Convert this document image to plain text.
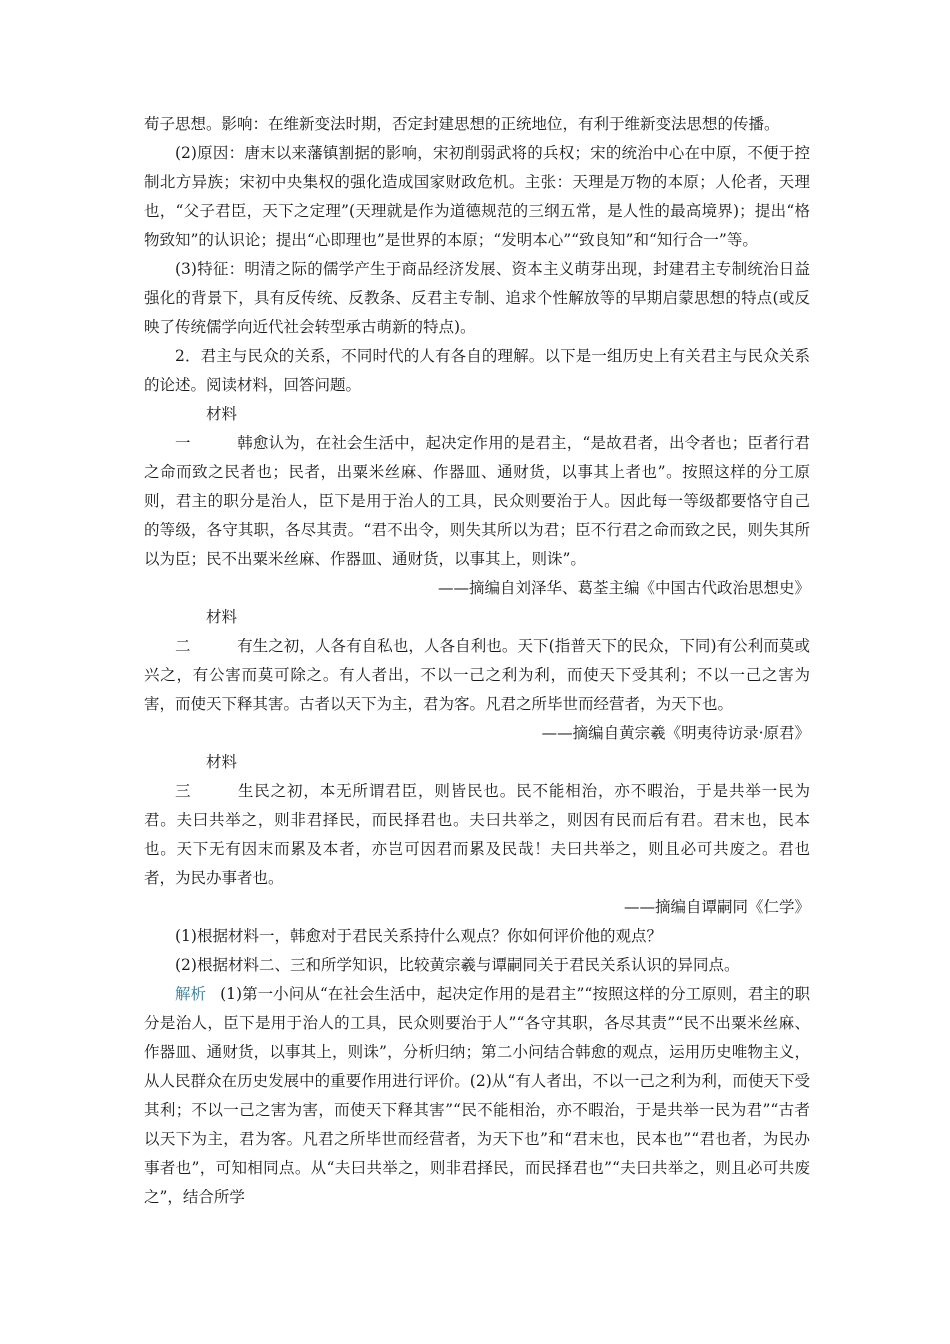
荀子思想。影响：在维新变法时期，否定封建思想的正统地位，有利于维新变法思想的传播。

(2)原因：唐末以来藩镇割据的影响，宋初削弱武将的兵权；宋的统治中心在中原，不便于控制北方异族；宋初中央集权的强化造成国家财政危机。主张：天理是万物的本原；人伦者，天理也，“父子君臣，天下之定理”(天理就是作为道德规范的三纲五常，是人性的最高境界)；提出“格物致知”的认识论；提出“心即理也”是世界的本原；“发明本心”“致良知”和“知行合一”等。

(3)特征：明清之际的儒学产生于商品经济发展、资本主义萌芽出现，封建君主专制统治日益强化的背景下，具有反传统、反教条、反君主专制、追求个性解放等的早期启蒙思想的特点(或反映了传统儒学向近代社会转型承古萌新的特点)。

2．君主与民众的关系，不同时代的人有各自的理解。以下是一组历史上有关君主与民众关系的论述。阅读材料，回答问题。

材料一	韩愈认为，在社会生活中，起决定作用的是君主，“是故君者，出令者也；臣者行君之命而致之民者也；民者，出粟米丝麻、作器皿、通财货，以事其上者也”。按照这样的分工原则，君主的职分是治人，臣下是用于治人的工具，民众则要治于人。因此每一等级都要恪守自己的等级，各守其职，各尽其责。“君不出令，则失其所以为君；臣不行君之命而致之民，则失其所以为臣；民不出粟米丝麻、作器皿、通财货，以事其上，则诛”。

——摘编自刘泽华、葛荃主编《中国古代政治思想史》

材料二	有生之初，人各有自私也，人各自利也。天下(指普天下的民众，下同)有公利而莫或兴之，有公害而莫可除之。有人者出，不以一己之利为利，而使天下受其利；不以一己之害为害，而使天下释其害。古者以天下为主，君为客。凡君之所毕世而经营者，为天下也。

——摘编自黄宗羲《明夷待访录·原君》

材料三	生民之初，本无所谓君臣，则皆民也。民不能相治，亦不暇治，于是共举一民为君。夫曰共举之，则非君择民，而民择君也。夫曰共举之，则因有民而后有君。君末也，民本也。天下无有因末而累及本者，亦岂可因君而累及民哉！夫曰共举之，则且必可共废之。君也者，为民办事者也。

——摘编自谭嗣同《仁学》

(1)根据材料一，韩愈对于君民关系持什么观点？你如何评价他的观点？

(2)根据材料二、三和所学知识，比较黄宗羲与谭嗣同关于君民关系认识的异同点。

解析 (1)第一小问从“在社会生活中，起决定作用的是君主”“按照这样的分工原则，君主的职分是治人，臣下是用于治人的工具，民众则要治于人”“各守其职，各尽其责”“民不出粟米丝麻、作器皿、通财货，以事其上，则诛”，分析归纳；第二小问结合韩愈的观点，运用历史唯物主义，从人民群众在历史发展中的重要作用进行评价。(2)从“有人者出，不以一己之利为利，而使天下受其利；不以一己之害为害，而使天下释其害”“民不能相治，亦不暇治，于是共举一民为君”“古者以天下为主，君为客。凡君之所毕世而经营者，为天下也”和“君末也，民本也”“君也者，为民办事者也”，可知相同点。从“夫曰共举之，则非君择民，而民择君也”“夫曰共举之，则且必可共废之”，结合所学
